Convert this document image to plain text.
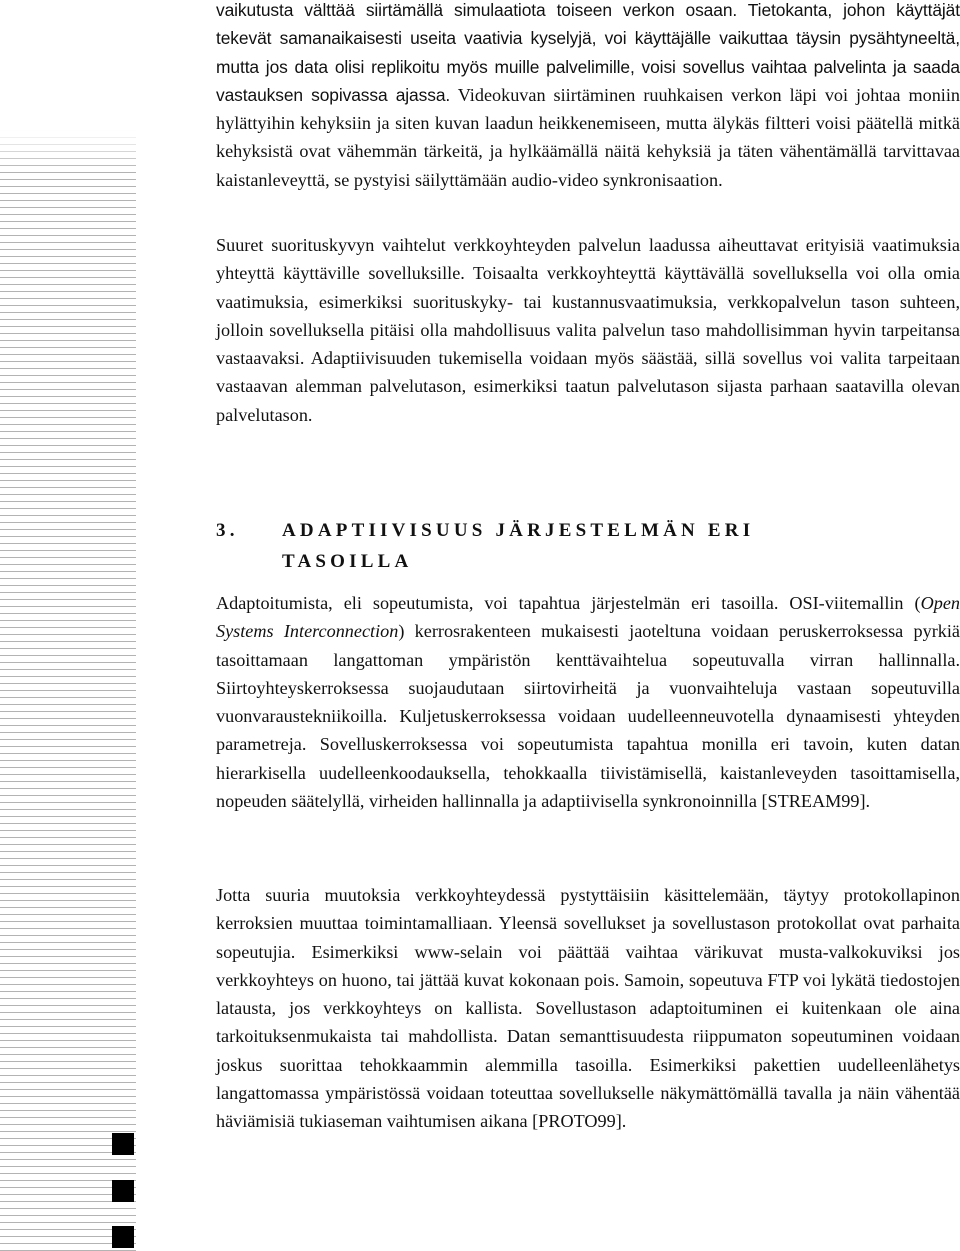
vaikutusta välttää siirtämällä simulaatiota toiseen verkon osaan. Tietokanta, johon käyttäjät tekevät samanaikaisesti useita vaativia kyselyjä, voi käyttäjälle vaikuttaa täysin pysähtyneeltä, mutta jos data olisi replikoitu myös muille palvelimille, voisi sovellus vaihtaa palvelinta ja saada vastauksen sopivassa ajassa. Videokuvan siirtäminen ruuhkaisen verkon läpi voi johtaa moniin hylättyihin kehyksiin ja siten kuvan laadun heikkenemiseen, mutta älykäs filtteri voisi päätellä mitkä kehyksistä ovat vähemmän tärkeitä, ja hylkäämällä näitä kehyksiä ja täten vähentämällä tarvittavaa kaistanleveyttä, se pystyisi säilyttämään audio-video synkronisaation.

Suuret suorituskyvyn vaihtelut verkkoyhteyden palvelun laadussa aiheuttavat erityisiä vaatimuksia yhteyttä käyttäville sovelluksille. Toisaalta verkkoyhteyttä käyttävällä sovelluksella voi olla omia vaatimuksia, esimerkiksi suorituskyky- tai kustannusvaatimuksia, verkkopalvelun tason suhteen, jolloin sovelluksella pitäisi olla mahdollisuus valita palvelun taso mahdollisimman hyvin tarpeitansa vastaavaksi. Adaptiivisuuden tukemisella voidaan myös säästää, sillä sovellus voi valita tarpeitaan vastaavan alemman palvelutason, esimerkiksi taatun palvelutason sijasta parhaan saatavilla olevan palvelutason.

3. ADAPTIIVISUUS JÄRJESTELMÄN ERI
TASOILLA

Adaptoitumista, eli sopeutumista, voi tapahtua järjestelmän eri tasoilla. OSI-viitemallin (Open Systems Interconnection) kerrosrakenteen mukaisesti jaoteltuna voidaan peruskerroksessa pyrkiä tasoittamaan langattoman ympäristön kenttävaihtelua sopeutuvalla virran hallinnalla. Siirtoyhteyskerroksessa suojaudutaan siirtovirheitä ja vuonvaihteluja vastaan sopeutuvilla vuonvaraustekniikoilla. Kuljetuskerroksessa voidaan uudelleenneuvotella dynaamisesti yhteyden parametreja. Sovelluskerroksessa voi sopeutumista tapahtua monilla eri tavoin, kuten datan hierarkisella uudelleenkoodauksella, tehokkaalla tiivistämisellä, kaistanleveyden tasoittamisella, nopeuden säätelyllä, virheiden hallinnalla ja adaptiivisella synkronoinnilla [STREAM99].

Jotta suuria muutoksia verkkoyhteydessä pystyttäisiin käsittelemään, täytyy protokollapinon kerroksien muuttaa toimintamalliaan. Yleensä sovellukset ja sovellustason protokollat ovat parhaita sopeutujia. Esimerkiksi www-selain voi päättää vaihtaa värikuvat musta-valkokuviksi jos verkkoyhteys on huono, tai jättää kuvat kokonaan pois. Samoin, sopeutuva FTP voi lykätä tiedostojen latausta, jos verkkoyhteys on kallista. Sovellustason adaptoituminen ei kuitenkaan ole aina tarkoituksenmukaista tai mahdollista. Datan semanttisuudesta riippumaton sopeutuminen voidaan joskus suorittaa tehokkaammin alemmilla tasoilla. Esimerkiksi pakettien uudelleenlähetys langattomassa ympäristössä voidaan toteuttaa sovellukselle näkymättömällä tavalla ja näin vähentää häviämisiä tukiaseman vaihtumisen aikana [PROTO99].
